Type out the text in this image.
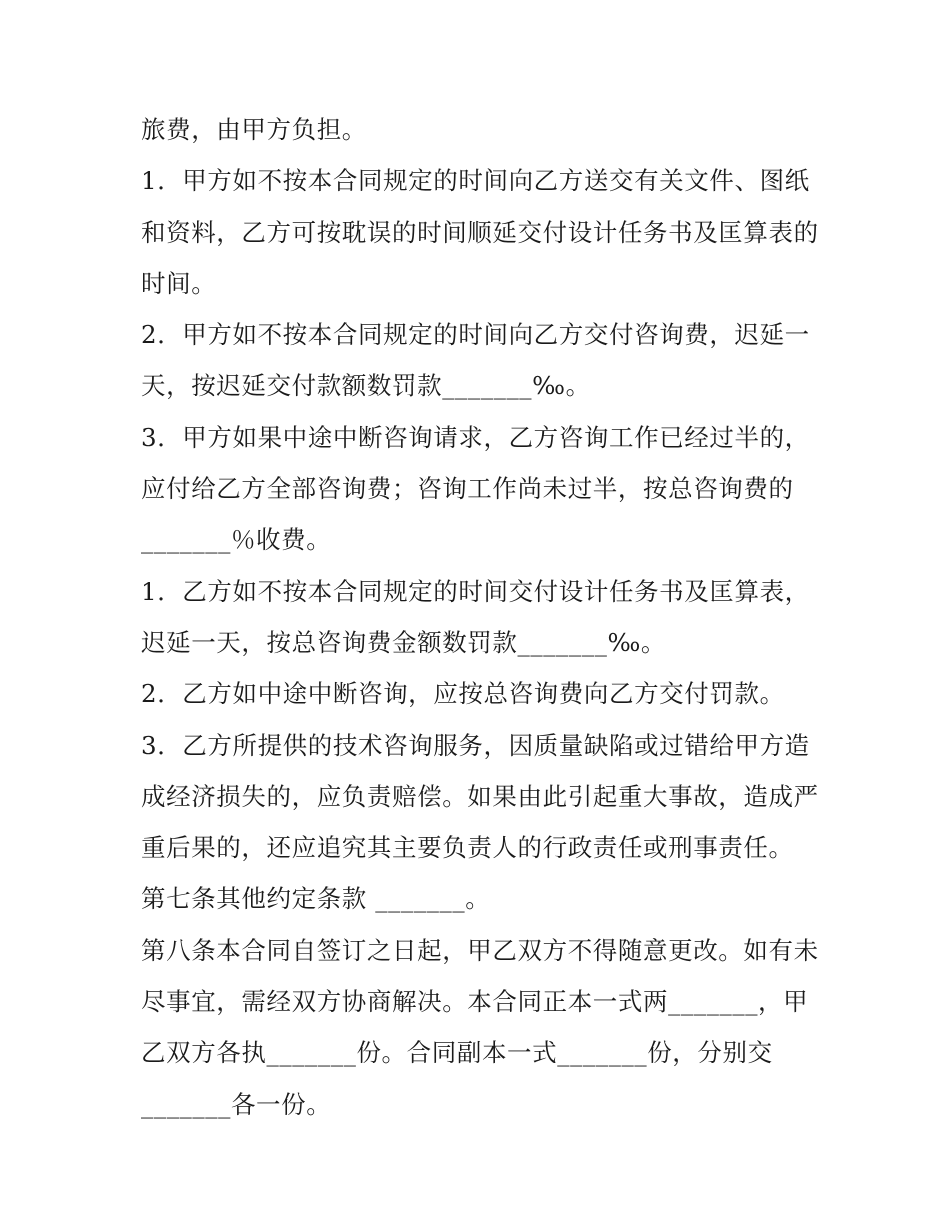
旅费，由甲方负担。
1．甲方如不按本合同规定的时间向乙方送交有关文件、图纸
和资料，乙方可按耽误的时间顺延交付设计任务书及匡算表的
时间。
2．甲方如不按本合同规定的时间向乙方交付咨询费，迟延一
天，按迟延交付款额数罚款_______‰。
3．甲方如果中途中断咨询请求，乙方咨询工作已经过半的，
应付给乙方全部咨询费；咨询工作尚未过半，按总咨询费的
_______％收费。
1．乙方如不按本合同规定的时间交付设计任务书及匡算表，
迟延一天，按总咨询费金额数罚款_______‰。
2．乙方如中途中断咨询，应按总咨询费向乙方交付罚款。
3．乙方所提供的技术咨询服务，因质量缺陷或过错给甲方造
成经济损失的，应负责赔偿。如果由此引起重大事故，造成严
重后果的，还应追究其主要负责人的行政责任或刑事责任。
第七条其他约定条款 _______。
第八条本合同自签订之日起，甲乙双方不得随意更改。如有未
尽事宜，需经双方协商解决。本合同正本一式两_______，甲
乙双方各执_______份。合同副本一式_______份，分别交
_______各一份。
